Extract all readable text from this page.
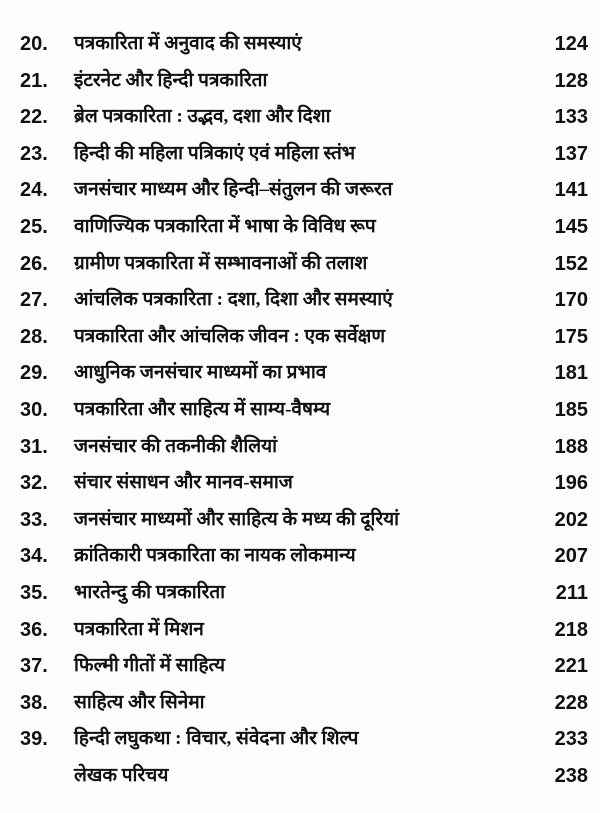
20. पत्रकारिता में अनुवाद की समस्याएं	124
21. इंटरनेट और हिन्दी पत्रकारिता	128
22. ब्रेल पत्रकारिता : उद्भव, दशा और दिशा	133
23. हिन्दी की महिला पत्रिकाएं एवं महिला स्तंभ	137
24. जनसंचार माध्यम और हिन्दी–संतुलन की जरूरत	141
25. वाणिज्यिक पत्रकारिता में भाषा के विविध रूप	145
26. ग्रामीण पत्रकारिता में सम्भावनाओं की तलाश	152
27. आंचलिक पत्रकारिता : दशा, दिशा और समस्याएं	170
28. पत्रकारिता और आंचलिक जीवन : एक सर्वेक्षण	175
29. आधुनिक जनसंचार माध्यमों का प्रभाव	181
30. पत्रकारिता और साहित्य में साम्य-वैषम्य	185
31. जनसंचार की तकनीकी शैलियां	188
32. संचार संसाधन और मानव-समाज	196
33. जनसंचार माध्यमों और साहित्य के मध्य की दूरियां	202
34. क्रांतिकारी पत्रकारिता का नायक लोकमान्य	207
35. भारतेन्दु की पत्रकारिता	211
36. पत्रकारिता में मिशन	218
37. फिल्मी गीतों में साहित्य	221
38. साहित्य और सिनेमा	228
39. हिन्दी लघुकथा : विचार, संवेदना और शिल्प	233
लेखक परिचय	238
